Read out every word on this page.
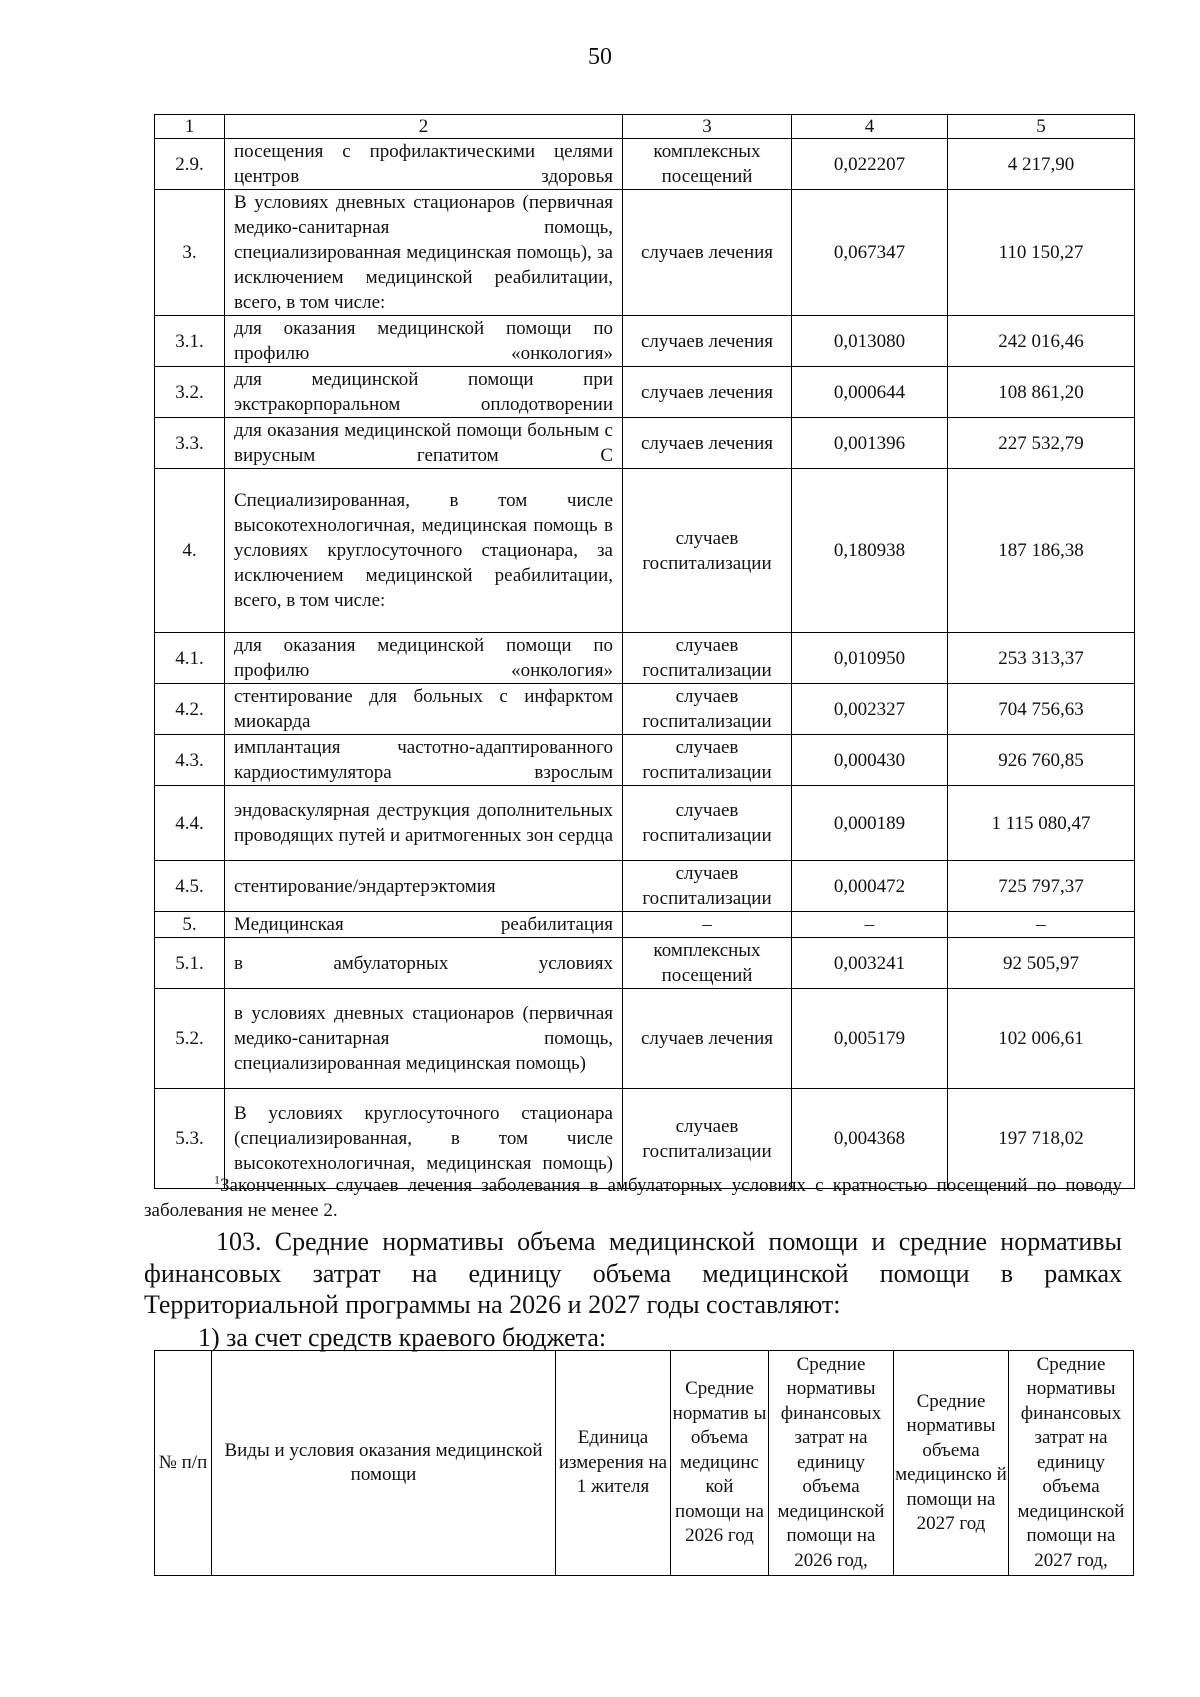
50
1	2	3	4	5
2.9.	посещения с профилактическими целями центров здоровья	комплексных посещений	0,022207	4 217,90
3.	В условиях дневных стационаров (первичная медико-санитарная помощь, специализированная медицинская помощь), за исключением медицинской реабилитации, всего, в том числе:	случаев лечения	0,067347	110 150,27
3.1.	для оказания медицинской помощи по профилю «онкология»	случаев лечения	0,013080	242 016,46
3.2.	для медицинской помощи при экстракорпоральном оплодотворении	случаев лечения	0,000644	108 861,20
3.3.	для оказания медицинской помощи больным с вирусным гепатитом С	случаев лечения	0,001396	227 532,79
4.	Специализированная, в том числе высокотехнологичная, медицинская помощь в условиях круглосуточного стационара, за исключением медицинской реабилитации, всего, в том числе:	случаев госпитализации	0,180938	187 186,38
4.1.	для оказания медицинской помощи по профилю «онкология»	случаев госпитализации	0,010950	253 313,37
4.2.	стентирование для больных с инфарктом миокарда	случаев госпитализации	0,002327	704 756,63
4.3.	имплантация частотно-адаптированного кардиостимулятора взрослым	случаев госпитализации	0,000430	926 760,85
4.4.	эндоваскулярная деструкция дополнительных проводящих путей и аритмогенных зон сердца	случаев госпитализации	0,000189	1 115 080,47
4.5.	стентирование/эндартерэктомия	случаев госпитализации	0,000472	725 797,37
5.	Медицинская реабилитация	–	–	–
5.1.	в амбулаторных условиях	комплексных посещений	0,003241	92 505,97
5.2.	в условиях дневных стационаров (первичная медико-санитарная помощь, специализированная медицинская помощь)	случаев лечения	0,005179	102 006,61
5.3.	В условиях круглосуточного стационара (специализированная, в том числе высокотехнологичная, медицинская помощь)	случаев госпитализации	0,004368	197 718,02
$^1$Законченных случаев лечения заболевания в амбулаторных условиях с кратностью посещений по поводу заболевания не менее 2.
103. Средние нормативы объема медицинской помощи и средние нормативы финансовых затрат на единицу объема медицинской помощи в рамках Территориальной программы на 2026 и 2027 годы составляют:
1) за счет средств краевого бюджета:
№ п/п	Виды и условия оказания медицинской помощи	Единица измерения на 1 жителя	Средние норматив ы объема медицинс кой помощи на 2026 год	Средние нормативы финансовых затрат на единицу объема медицинской помощи на 2026 год,	Средние нормативы объема медицинско й помощи на 2027 год	Средние нормативы финансовых затрат на единицу объема медицинской помощи на 2027 год,
